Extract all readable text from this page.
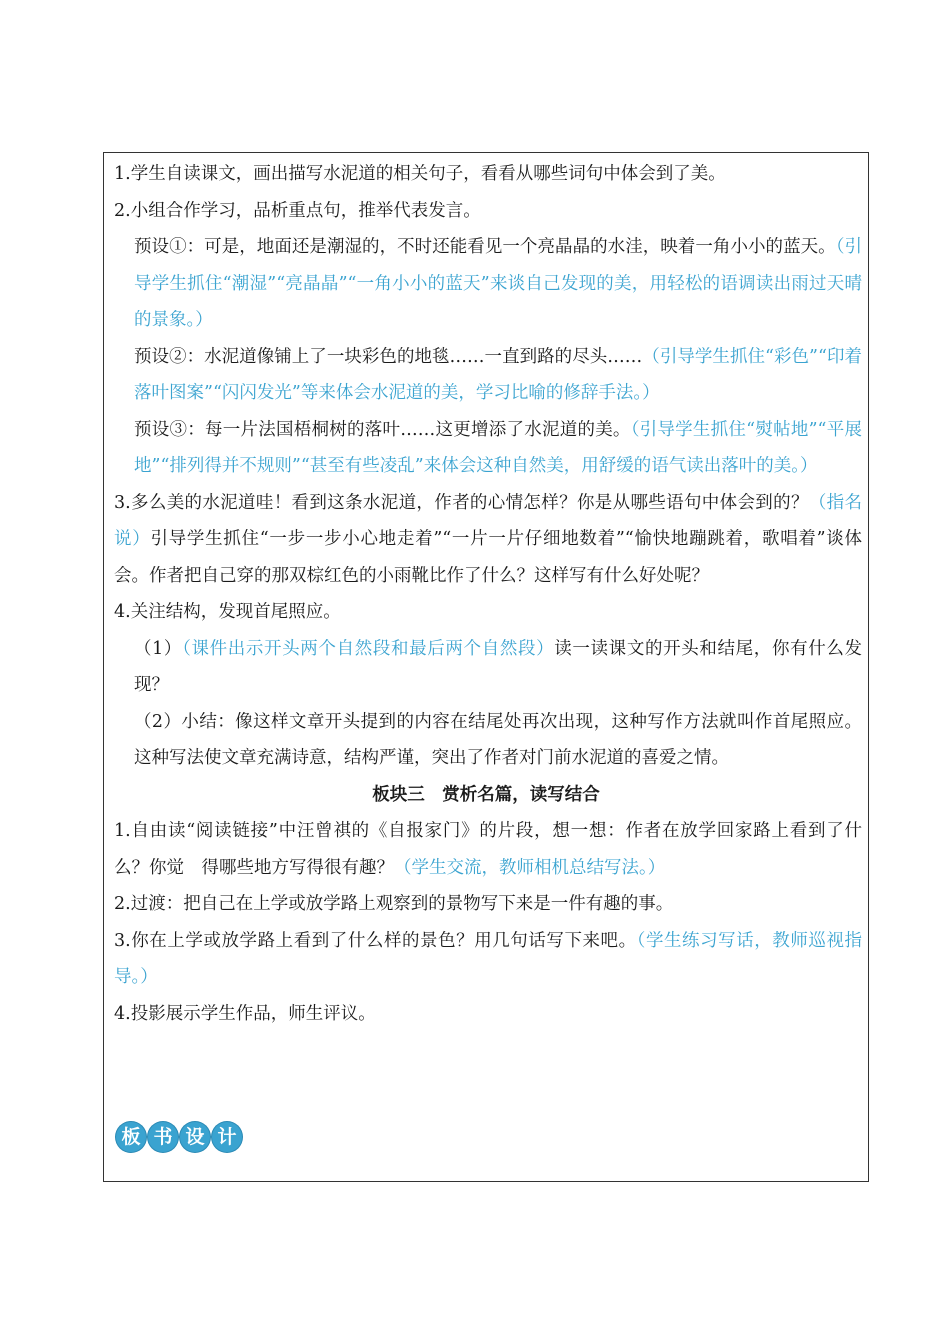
1.学生自读课文，画出描写水泥道的相关句子，看看从哪些词句中体会到了美。

2.小组合作学习，品析重点句，推举代表发言。

预设①：可是，地面还是潮湿的，不时还能看见一个亮晶晶的水洼，映着一角小小的蓝天。（引导学生抓住“潮湿”“亮晶晶”“一角小小的蓝天”来谈自己发现的美，用轻松的语调读出雨过天晴的景象。）

预设②：水泥道像铺上了一块彩色的地毯……一直到路的尽头……（引导学生抓住“彩色”“印着落叶图案”“闪闪发光”等来体会水泥道的美，学习比喻的修辞手法。）

预设③：每一片法国梧桐树的落叶……这更增添了水泥道的美。（引导学生抓住“熨帖地”“平展地”“排列得并不规则”“甚至有些凌乱”来体会这种自然美，用舒缓的语气读出落叶的美。）

3.多么美的水泥道哇！看到这条水泥道，作者的心情怎样？你是从哪些语句中体会到的？（指名说）引导学生抓住“一步一步小心地走着”“一片一片仔细地数着”“愉快地蹦跳着，歌唱着”谈体会。作者把自己穿的那双棕红色的小雨靴比作了什么？这样写有什么好处呢？

4.关注结构，发现首尾照应。

（1）（课件出示开头两个自然段和最后两个自然段）读一读课文的开头和结尾，你有什么发现？

（2）小结：像这样文章开头提到的内容在结尾处再次出现，这种写作方法就叫作首尾照应。这种写法使文章充满诗意，结构严谨，突出了作者对门前水泥道的喜爱之情。

板块三　赏析名篇，读写结合

1.自由读“阅读链接”中汪曾祺的《自报家门》的片段，想一想：作者在放学回家路上看到了什么？你觉　得哪些地方写得很有趣？（学生交流，教师相机总结写法。）

2.过渡：把自己在上学或放学路上观察到的景物写下来是一件有趣的事。

3.你在上学或放学路上看到了什么样的景色？用几句话写下来吧。（学生练习写话，教师巡视指导。）

4.投影展示学生作品，师生评议。

板 书 设 计
